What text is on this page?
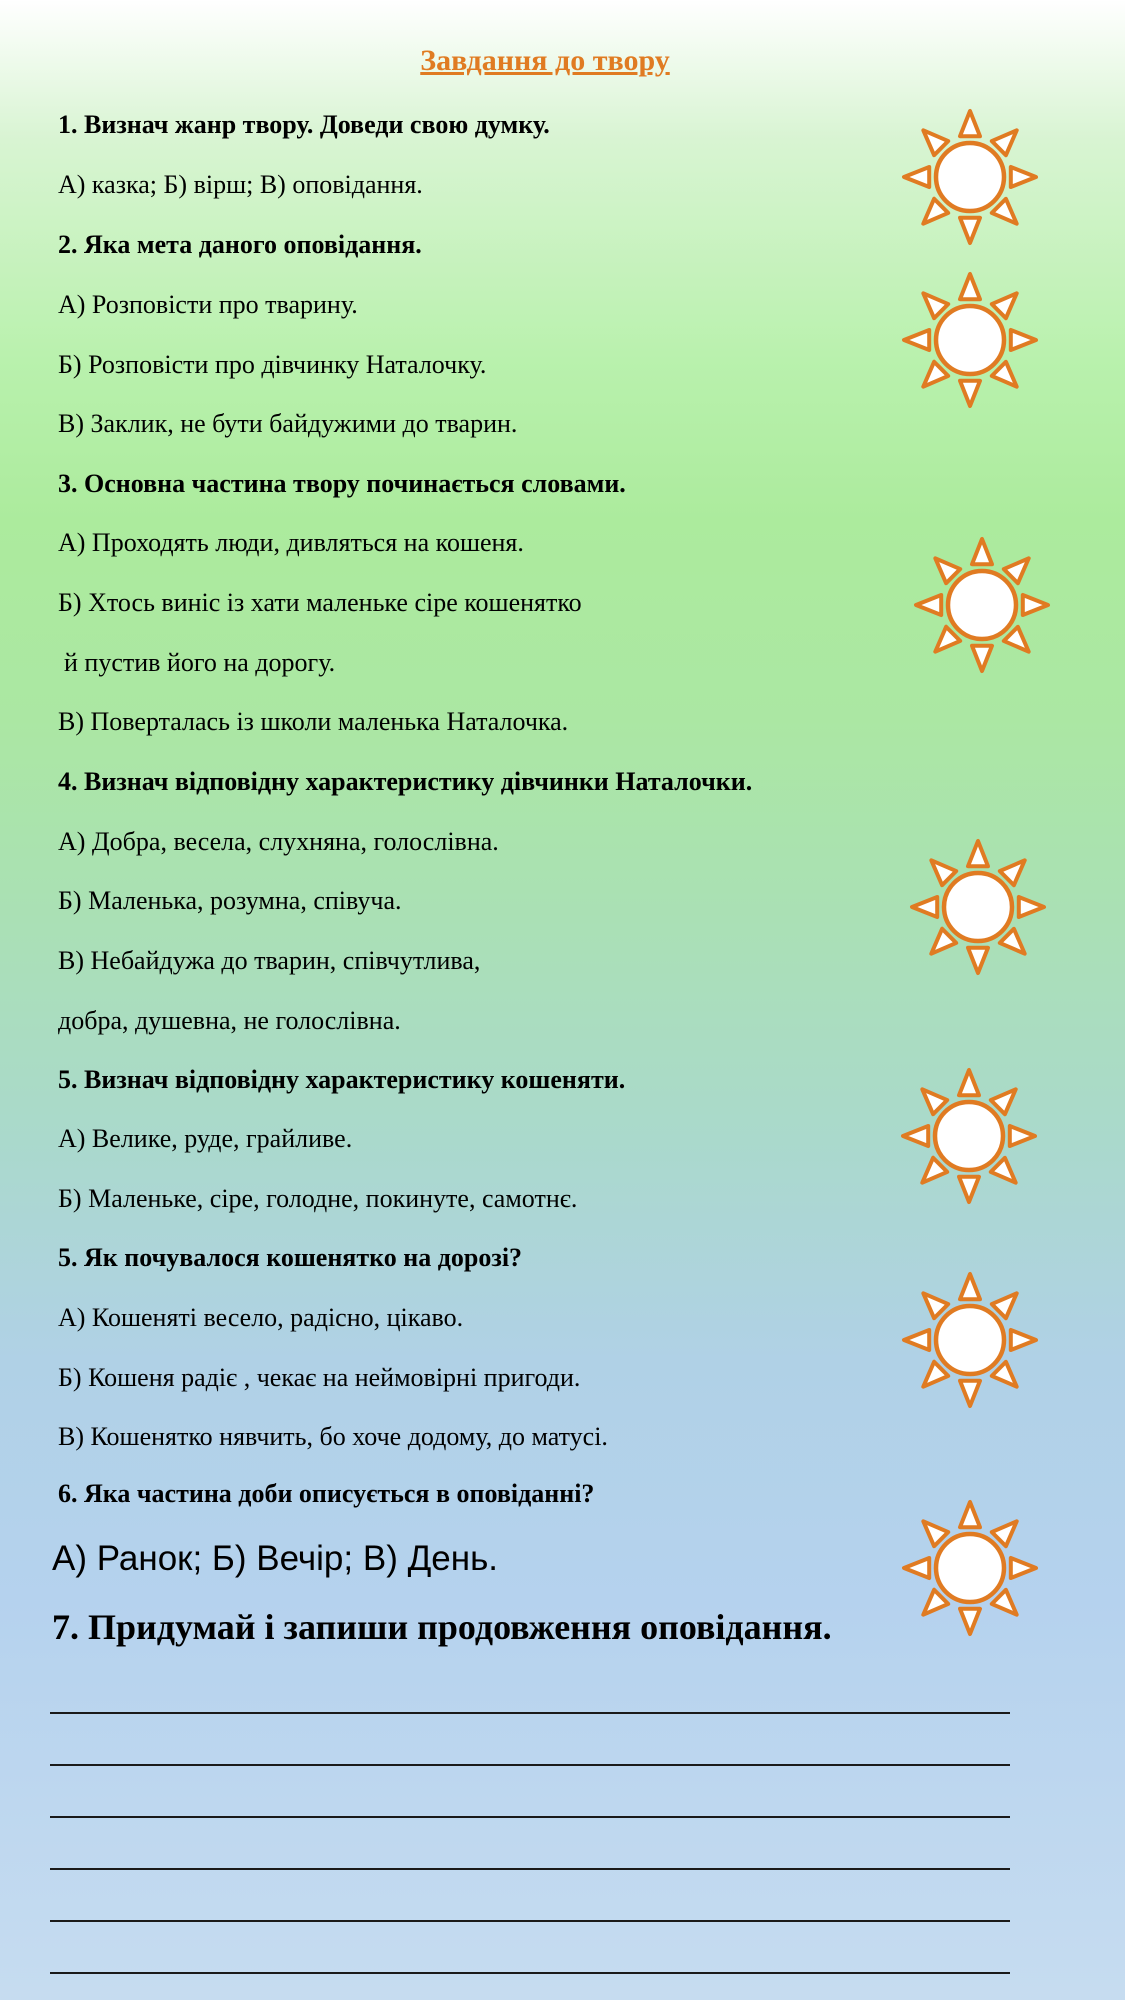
Завдання до твору
1. Визнач жанр твору. Доведи свою думку.
А) казка; Б) вірш; В) оповідання.
2. Яка мета даного оповідання.
А) Розповісти про тварину.
Б) Розповісти про дівчинку Наталочку.
В) Заклик, не бути байдужими до тварин.
3. Основна частина твору починається словами.
А) Проходять люди, дивляться на кошеня.
Б) Хтось виніс із хати маленьке сіре кошенятко
й пустив його на дорогу.
В) Поверталась із школи маленька Наталочка.
4. Визнач відповідну характеристику дівчинки Наталочки.
А) Добра, весела, слухняна, голослівна.
Б) Маленька, розумна, співуча.
В) Небайдужа до тварин, співчутлива,
добра, душевна, не голослівна.
5. Визнач відповідну характеристику кошеняти.
А) Велике, руде, грайливе.
Б) Маленьке, сіре, голодне, покинуте, самотнє.
5. Як почувалося кошенятко на дорозі?
А) Кошеняті весело, радісно, цікаво.
Б) Кошеня радіє , чекає на неймовірні пригоди.
В) Кошенятко нявчить, бо хоче додому, до матусі.
6. Яка частина доби описується в оповіданні?
А) Ранок; Б) Вечір; В) День.
7. Придумай і запиши продовження оповідання.
